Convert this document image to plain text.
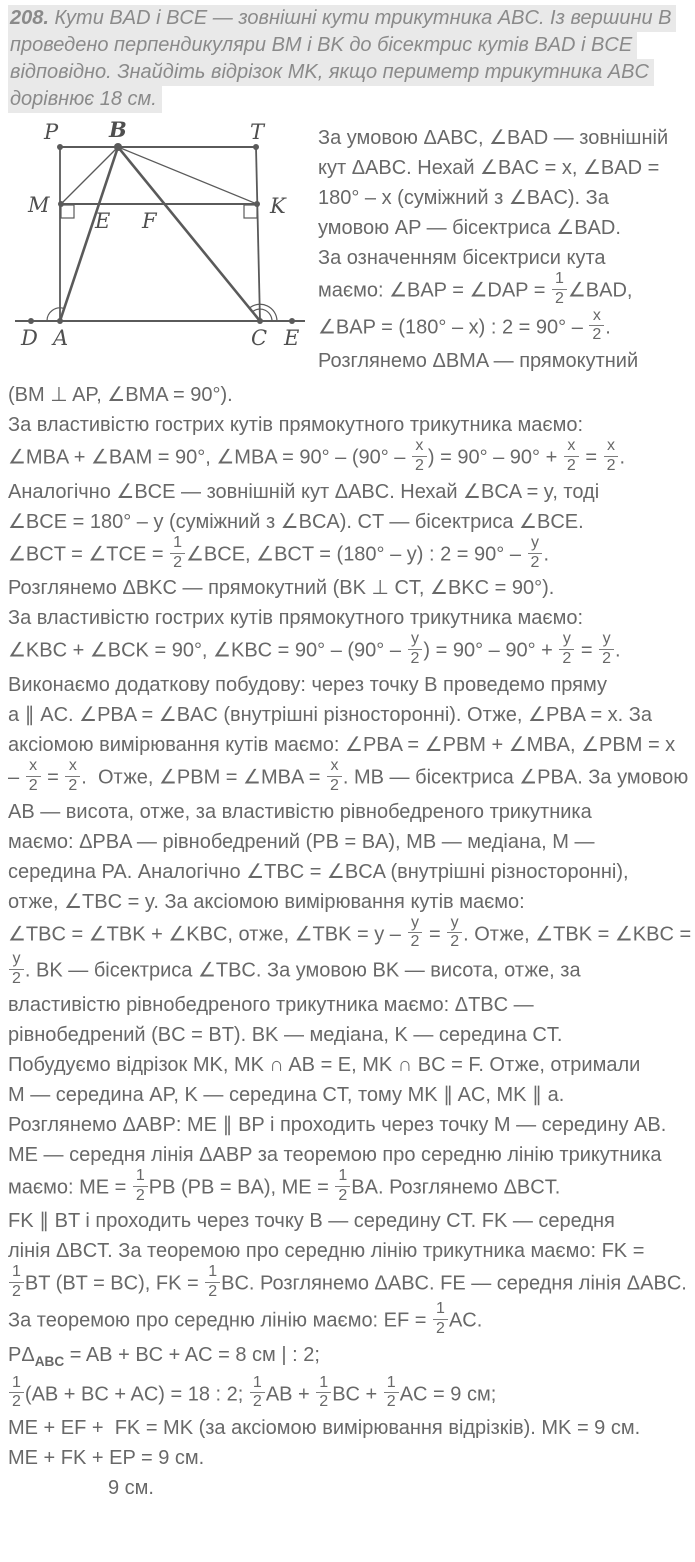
208. Кути BAD і BCE — зовнішні кути трикутника ABC. Із вершини B
проведено перпендикуляри BM і BK до бісектрис кутів BAD і BCE
відповідно. Знайдіть відрізок MK, якщо периметр трикутника ABC
дорівнює 18 см.
P B	T
M	K
E F
D A	C E
За умовою ΔABC, ∠BAD — зовнішній
кут ΔABC. Нехай ∠BAC = x, ∠BAD =
180° – x (суміжний з ∠BAC). За
умовою AP — бісектриса ∠BAD.
За означенням бісектриси кута
маємо: ∠BAP = ∠DAP = $\frac{1}{2}$ ∠BAD,
∠BAP = (180° – x) : $2 = 90^\circ - \frac{x}{2}$ .
Розглянемо ΔBMA — прямокутний
(BM ⊥ AP, ∠BMA = 90°).
За властивістю гострих кутів прямокутного трикутника маємо:
∠MBA + ∠BAM = 90°, ∠MBA = $90^\circ - (90^\circ - \frac{x}{2}$ ) = $90^\circ - 90^\circ + \frac{x}{2} = \frac{x}{2}$ .
Аналогічно ∠BCE — зовнішній кут ΔABC. Нехай ∠BCA = y, тоді
∠BCE = 180° – y (суміжний з ∠BCA). CT — бісектриса ∠BCE.
∠BCT = ∠TCE = $\frac{1}{2}$ ∠BCE, ∠BCT = (180° – y) : $2 = 90^\circ - \frac{y}{2}$ .
Розглянемо ΔBKC — прямокутний (BK ⊥ CT, ∠BKC = 90°).
За властивістю гострих кутів прямокутного трикутника маємо:
∠KBC + ∠BCK = 90°, ∠KBC = $90^\circ - (90^\circ - \frac{y}{2}$ ) = $90^\circ - 90^\circ + \frac{y}{2} = \frac{y}{2}$ .
Виконаємо додаткову побудову: через точку B проведемо пряму
а ∥ AC. ∠PBA = ∠BAC (внутрішні різносторонні). Отже, ∠PBA = x. За
аксіомою вимірювання кутів маємо: ∠PBA = ∠PBM + ∠MBA, ∠PBM = x
– $\frac{x}{2} = \frac{x}{2}$ .  Отже, ∠PBM = ∠MBA = $\frac{x}{2}$ . MB — бісектриса ∠PBA. За умовою
AB — висота, отже, за властивістю рівнобедреного трикутника
маємо: ΔPBA — рівнобедрений (PB = BA), MB — медіана, M —
середина PA. Аналогічно ∠TBC = ∠BCA (внутрішні різносторонні),
отже, ∠TBC = y. За аксіомою вимірювання кутів маємо:
∠TBC = ∠TBK + ∠KBC, отже, ∠TBK = $y - \frac{y}{2} = \frac{y}{2}$ . Отже, ∠TBK = ∠KBC =
$\frac{y}{2}$ . BK — бісектриса ∠TBC. За умовою BK — висота, отже, за
властивістю рівнобедреного трикутника маємо: ΔTBC —
рівнобедрений (BC = BT). BK — медіана, K — середина CT.
Побудуємо відрізок MK, MK ∩ AB = E, MK ∩ BC = F. Отже, отримали
M — середина AP, K — середина CT, тому MK ∥ AC, MK ∥ а.
Розглянемо ΔABP: ME ∥ BP і проходить через точку M — середину AB.
ME — середня лінія ΔABP за теоремою про середню лінію трикутника
маємо: ME = $\frac{1}{2}$ PB (PB = BA), ME = $\frac{1}{2}$ BA. Розглянемо ΔBCT.
FK ∥ BT і проходить через точку B — середину CT. FK — середня
лінія ΔBCT. За теоремою про середню лінію трикутника маємо: FK =
$\frac{1}{2}$ BT (BT = BC), FK = $\frac{1}{2}$ BC. Розглянемо ΔABC. FE — середня лінія ΔABC.
За теоремою про середню лінію маємо: EF = $\frac{1}{2}$ AC.
$P\Delta_{ABC}$ = AB + BC + AC = 8 см | : 2;
$\frac{1}{2} (AB$ + BC + AC) = 18 : 2; $\frac{1}{2}$ AB + $\frac{1}{2}$ BC + $\frac{1}{2}$ AC = 9 см;
ME + EF +  FK = MK (за аксіомою вимірювання відрізків). MK = 9 см.
ME + FK + EP = 9 см.
9 см.
